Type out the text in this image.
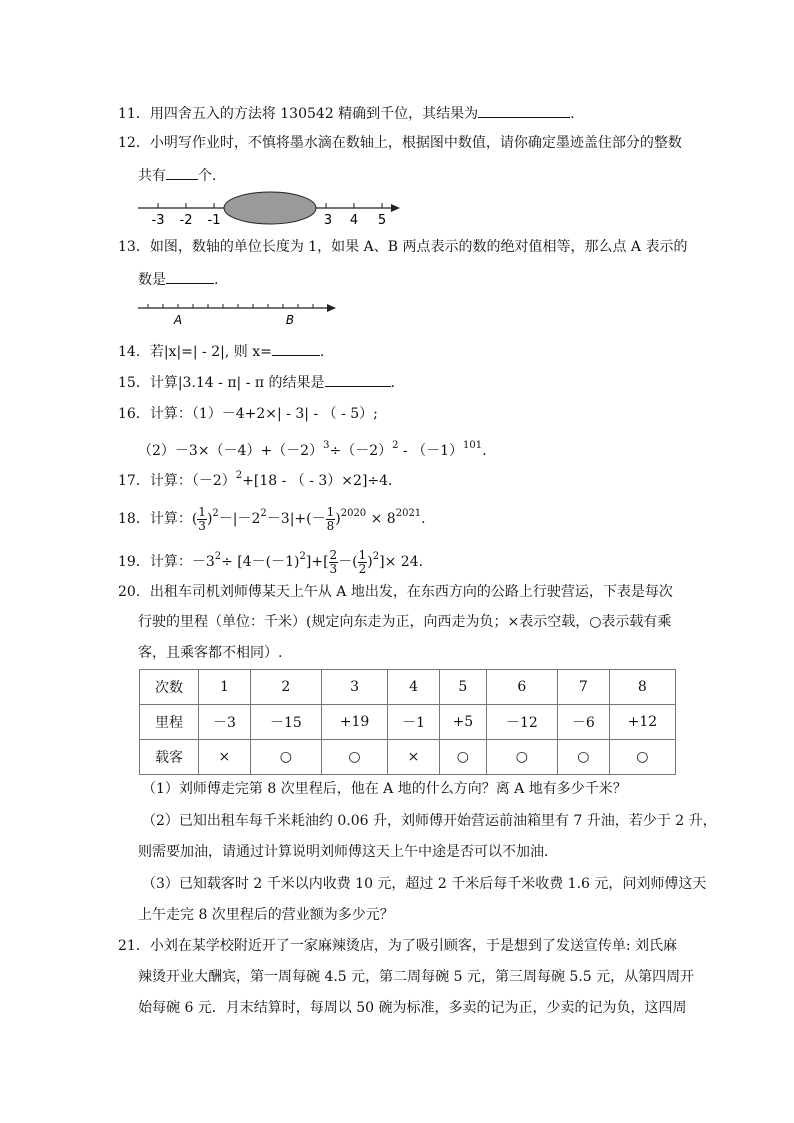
11．用四舍五入的方法将 130542 精确到千位，其结果为	.
12．小明写作业时，不慎将墨水滴在数轴上，根据图中数值，请你确定墨迹盖住部分的整数
共有 个．
-3 -2 -1	3 4 5
13．如图，数轴的单位长度为 1，如果 A、B 两点表示的数的绝对值相等，那么点 A 表示的
数是	.
A	B
14．若|x|=| - 2|, 则 x=	.
15．计算|3.14 - π| - π 的结果是	.
16．计算：（1）－4+2×| - 3| - （ - 5）;
$(2)-3\times(-4)+(-2)^3\div(-2)^2 - (-1)^{101}$.
17．计算：$(-2)^2+[18$ - （ - 3）×2]÷4．
18．计算：( $\frac{1}{3} )^2-|-2^2-3|+(- \frac{1}{8} )^{2020} \times 8^{2021}$.
19．计算：$-3^2\div [4-(-1)^2]+[ \frac{2}{3}$ －( $\frac{1}{2} )^2]\times 24$．
20．出租车司机刘师傅某天上午从 A 地出发，在东西方向的公路上行驶营运，下表是每次
行驶的里程（单位：千米）(规定向东走为正，向西走为负；×表示空载，○表示载有乘
客，且乘客都不相同）.
次数	1	2	3	4	5	6	7	8
里程	－3	－15	+19	－1	+5	－12	－6	+12
载客	×	○	○	×	○	○	○	○
（1）刘师傅走完第 8 次里程后，他在 A 地的什么方向？离 A 地有多少千米？
（2）已知出租车每千米耗油约 0.06 升，刘师傅开始营运前油箱里有 7 升油，若少于 2 升，
则需要加油，请通过计算说明刘师傅这天上午中途是否可以不加油．
（3）已知载客时 2 千米以内收费 10 元，超过 2 千米后每千米收费 1.6 元，问刘师傅这天
上午走完 8 次里程后的营业额为多少元？
21．小刘在某学校附近开了一家麻辣烫店，为了吸引顾客，于是想到了发送宣传单: 刘氏麻
辣烫开业大酬宾，第一周每碗 4.5 元，第二周每碗 5 元，第三周每碗 5.5 元，从第四周开
始每碗 6 元．月末结算时，每周以 50 碗为标准，多卖的记为正，少卖的记为负，这四周
